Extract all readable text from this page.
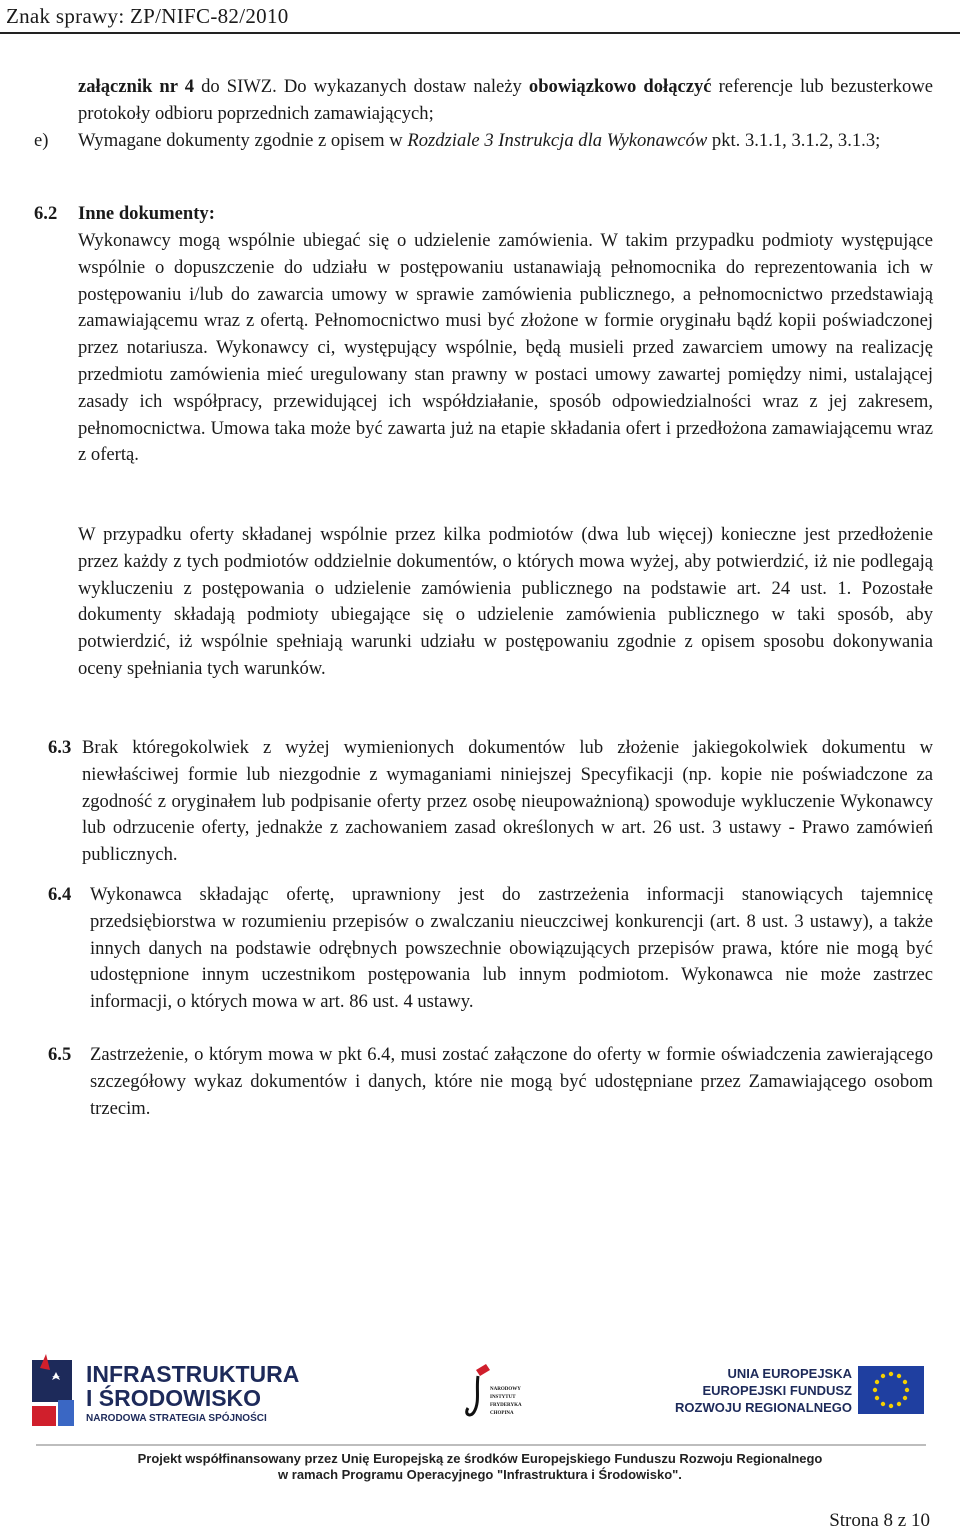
Znak sprawy: ZP/NIFC-82/2010

załącznik nr 4 do SIWZ. Do wykazanych dostaw należy obowiązkowo dołączyć referencje lub bezusterkowe protokoły odbioru poprzednich zamawiających;

e) Wymagane dokumenty zgodnie z opisem w Rozdziale 3 Instrukcja dla Wykonawców pkt. 3.1.1, 3.1.2, 3.1.3;

6.2 Inne dokumenty:

Wykonawcy mogą wspólnie ubiegać się o udzielenie zamówienia. W takim przypadku podmioty występujące wspólnie o dopuszczenie do udziału w postępowaniu ustanawiają pełnomocnika do reprezentowania ich w postępowaniu i/lub do zawarcia umowy w sprawie zamówienia publicznego, a pełnomocnictwo przedstawiają zamawiającemu wraz z ofertą. Pełnomocnictwo musi być złożone w formie oryginału bądź kopii poświadczonej przez notariusza. Wykonawcy ci, występujący wspólnie, będą musieli przed zawarciem umowy na realizację przedmiotu zamówienia mieć uregulowany stan prawny w postaci umowy zawartej pomiędzy nimi, ustalającej zasady ich współpracy, przewidującej ich współdziałanie, sposób odpowiedzialności wraz z jej zakresem, pełnomocnictwa. Umowa taka może być zawarta już na etapie składania ofert i przedłożona zamawiającemu wraz z ofertą.

W przypadku oferty składanej wspólnie przez kilka podmiotów (dwa lub więcej) konieczne jest przedłożenie przez każdy z tych podmiotów oddzielnie dokumentów, o których mowa wyżej, aby potwierdzić, iż nie podlegają wykluczeniu z postępowania o udzielenie zamówienia publicznego na podstawie art. 24 ust. 1. Pozostałe dokumenty składają podmioty ubiegające się o udzielenie zamówienia publicznego w taki sposób, aby potwierdzić, iż wspólnie spełniają warunki udziału w postępowaniu zgodnie z opisem sposobu dokonywania oceny spełniania tych warunków.

6.3 Brak któregokolwiek z wyżej wymienionych dokumentów lub złożenie jakiegokolwiek dokumentu w niewłaściwej formie lub niezgodnie z wymaganiami niniejszej Specyfikacji (np. kopie nie poświadczone za zgodność z oryginałem lub podpisanie oferty przez osobę nieupoważnioną) spowoduje wykluczenie Wykonawcy lub odrzucenie oferty, jednakże z zachowaniem zasad określonych w art. 26 ust. 3 ustawy - Prawo zamówień publicznych.

6.4 Wykonawca składając ofertę, uprawniony jest do zastrzeżenia informacji stanowiących tajemnicę przedsiębiorstwa w rozumieniu przepisów o zwalczaniu nieuczciwej konkurencji (art. 8 ust. 3 ustawy), a także innych danych na podstawie odrębnych powszechnie obowiązujących przepisów prawa, które nie mogą być udostępnione innym uczestnikom postępowania lub innym podmiotom. Wykonawca nie może zastrzec informacji, o których mowa w art. 86 ust. 4 ustawy.

6.5 Zastrzeżenie, o którym mowa w pkt 6.4, musi zostać załączone do oferty w formie oświadczenia zawierającego szczegółowy wykaz dokumentów i danych, które nie mogą być udostępniane przez Zamawiającego osobom trzecim.

INFRASTRUKTURA
I ŚRODOWISKO
NARODOWA STRATEGIA SPÓJNOŚCI
NARODOWY
INSTYTUT
FRYDERYKA
CHOPINA
UNIA EUROPEJSKA
EUROPEJSKI FUNDUSZ
ROZWOJU REGIONALNEGO
Projekt współfinansowany przez Unię Europejską ze środków Europejskiego Funduszu Rozwoju Regionalnego
w ramach Programu Operacyjnego "Infrastruktura i Środowisko".
Strona 8 z 10
